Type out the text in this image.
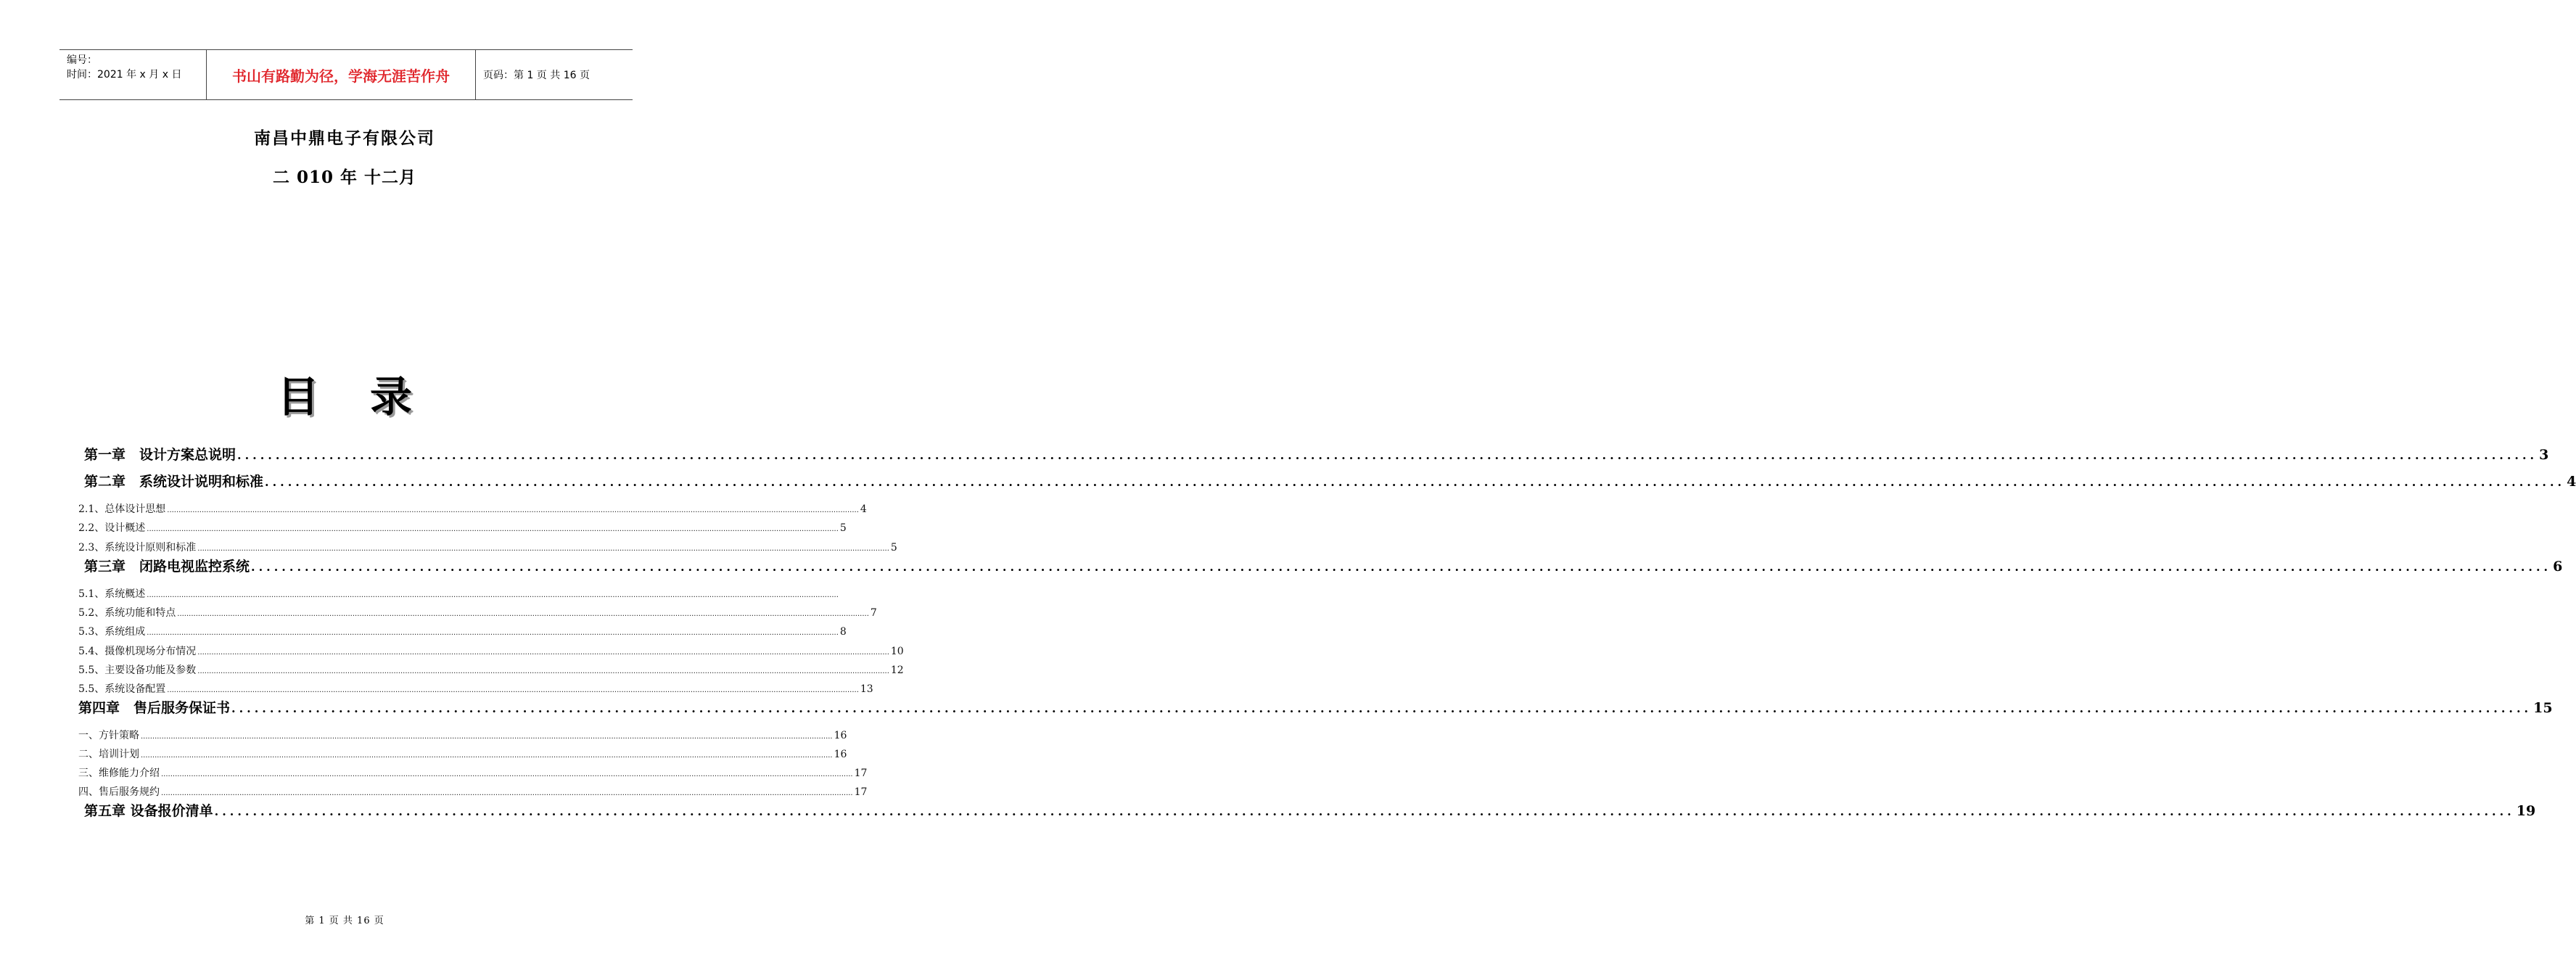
编号：
时间：2021 年 x 月 x 日	书山有路勤为径，学海无涯苦作舟	页码：第 1 页 共 16 页
南昌中鼎电子有限公司
二 010 年 十二月
目录
第一章　设计方案总说明 ............................................................................................................................................................................................................................................................................................................ 3
第二章　系统设计说明和标准 ............................................................................................................................................................................................................................................................................................................ 4
2.1、总体设计思想 ............................................................................................................................................................................................................................................................................................................ 4
2.2、设计概述 ............................................................................................................................................................................................................................................................................................................ 5
2.3、系统设计原则和标准 ............................................................................................................................................................................................................................................................................................................ 5
第三章　闭路电视监控系统 ............................................................................................................................................................................................................................................................................................................ 6
5.1、系统概述 ............................................................................................................................................................................................................................................................................................................
5.2、系统功能和特点 ............................................................................................................................................................................................................................................................................................................ 7
5.3、系统组成 ............................................................................................................................................................................................................................................................................................................ 8
5.4、摄像机现场分布情况 ............................................................................................................................................................................................................................................................................................................ 10
5.5、主要设备功能及参数 ............................................................................................................................................................................................................................................................................................................ 12
5.5、系统设备配置 ............................................................................................................................................................................................................................................................................................................ 13
第四章　售后服务保证书 ............................................................................................................................................................................................................................................................................................................ 15
一、方针策略 ............................................................................................................................................................................................................................................................................................................ 16
二、培训计划 ............................................................................................................................................................................................................................................................................................................ 16
三、维修能力介绍 ............................................................................................................................................................................................................................................................................................................ 17
四、售后服务规约 ............................................................................................................................................................................................................................................................................................................ 17
第五章 设备报价清单 ............................................................................................................................................................................................................................................................................................................ 19
第 1 页 共 16 页
